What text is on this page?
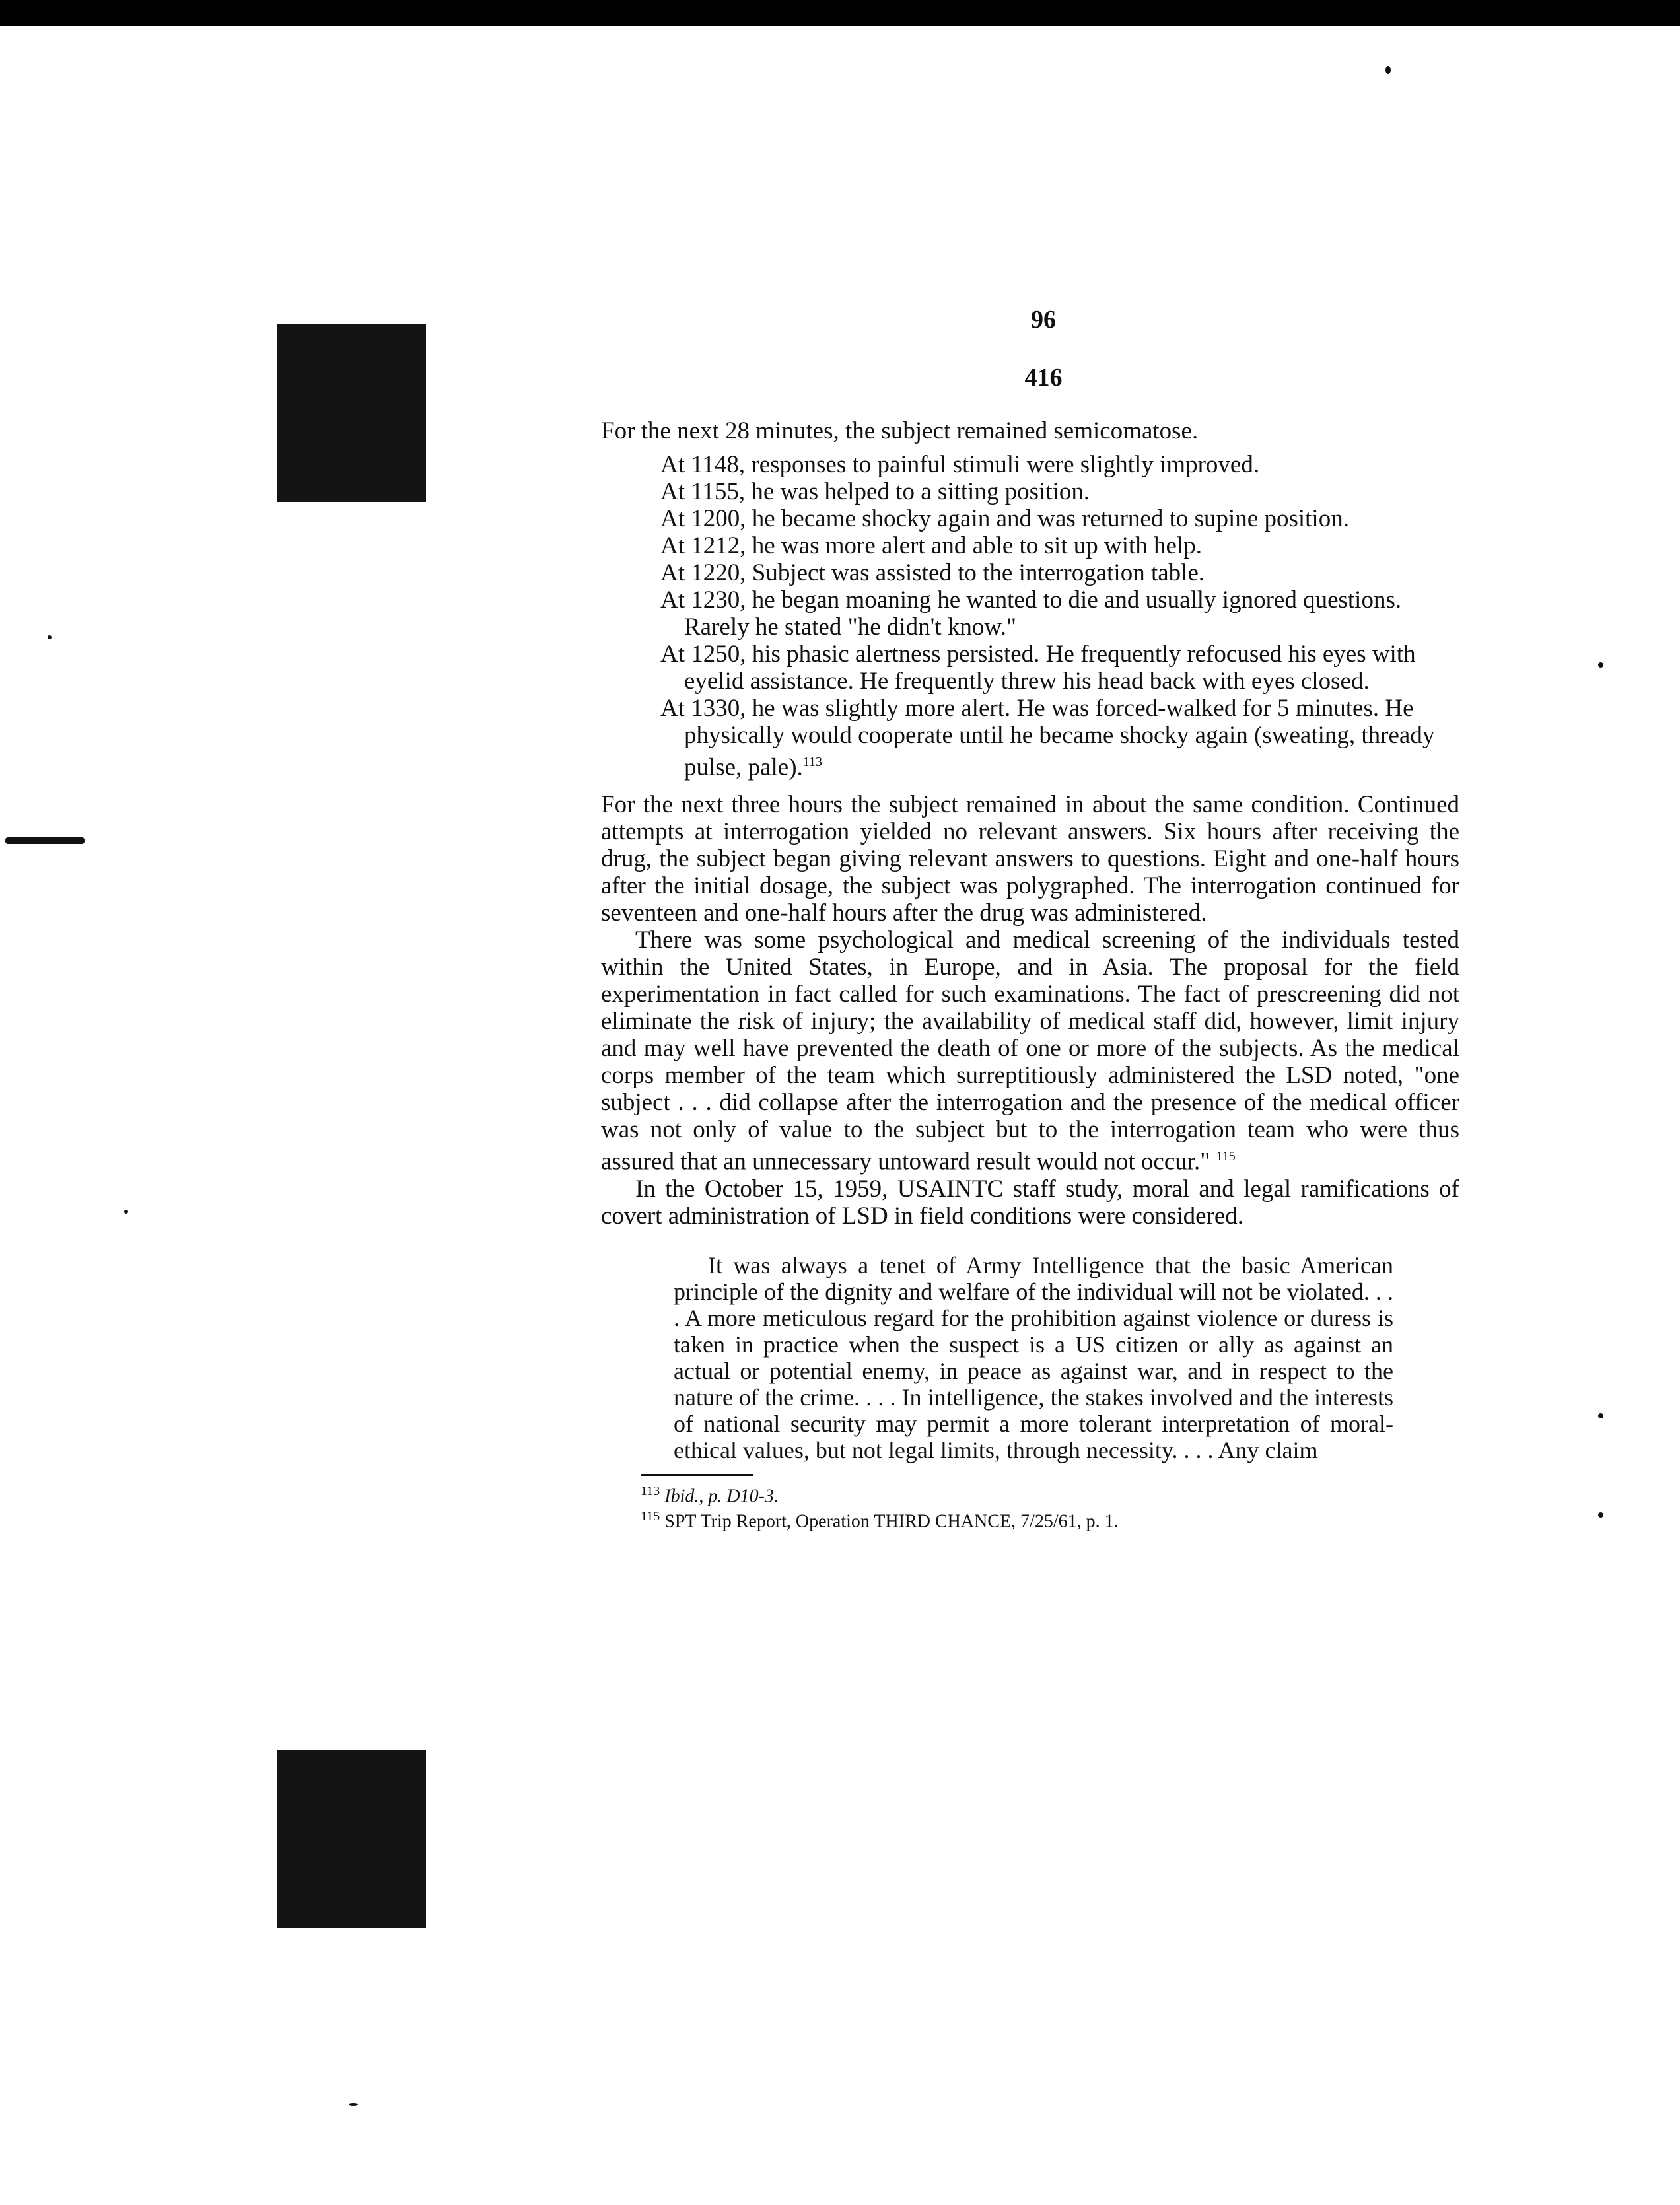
96
416

For the next 28 minutes, the subject remained semicomatose.

At 1148, responses to painful stimuli were slightly improved.
At 1155, he was helped to a sitting position.
At 1200, he became shocky again and was returned to supine position.
At 1212, he was more alert and able to sit up with help.
At 1220, Subject was assisted to the interrogation table.
At 1230, he began moaning he wanted to die and usually ignored questions. Rarely he stated "he didn't know."
At 1250, his phasic alertness persisted. He frequently refocused his eyes with eyelid assistance. He frequently threw his head back with eyes closed.
At 1330, he was slightly more alert. He was forced-walked for 5 minutes. He physically would cooperate until he became shocky again (sweating, thready pulse, pale).$^{113}$

For the next three hours the subject remained in about the same condition. Continued attempts at interrogation yielded no relevant answers. Six hours after receiving the drug, the subject began giving relevant answers to questions. Eight and one-half hours after the initial dosage, the subject was polygraphed. The interrogation continued for seventeen and one-half hours after the drug was administered.

There was some psychological and medical screening of the individuals tested within the United States, in Europe, and in Asia. The proposal for the field experimentation in fact called for such examinations. The fact of prescreening did not eliminate the risk of injury; the availability of medical staff did, however, limit injury and may well have prevented the death of one or more of the subjects. As the medical corps member of the team which surreptitiously administered the LSD noted, "one subject . . . did collapse after the interrogation and the presence of the medical officer was not only of value to the subject but to the interrogation team who were thus assured that an unnecessary untoward result would not occur." $^{115}$

In the October 15, 1959, USAINTC staff study, moral and legal ramifications of covert administration of LSD in field conditions were considered.

It was always a tenet of Army Intelligence that the basic American principle of the dignity and welfare of the individual will not be violated. . . . A more meticulous regard for the prohibition against violence or duress is taken in practice when the suspect is a US citizen or ally as against an actual or potential enemy, in peace as against war, and in respect to the nature of the crime. . . . In intelligence, the stakes involved and the interests of national security may permit a more tolerant interpretation of moral-ethical values, but not legal limits, through necessity. . . . Any claim

$^{113}$ Ibid., p. D10-3.
$^{115}$ SPT Trip Report, Operation THIRD CHANCE, 7/25/61, p. 1.
